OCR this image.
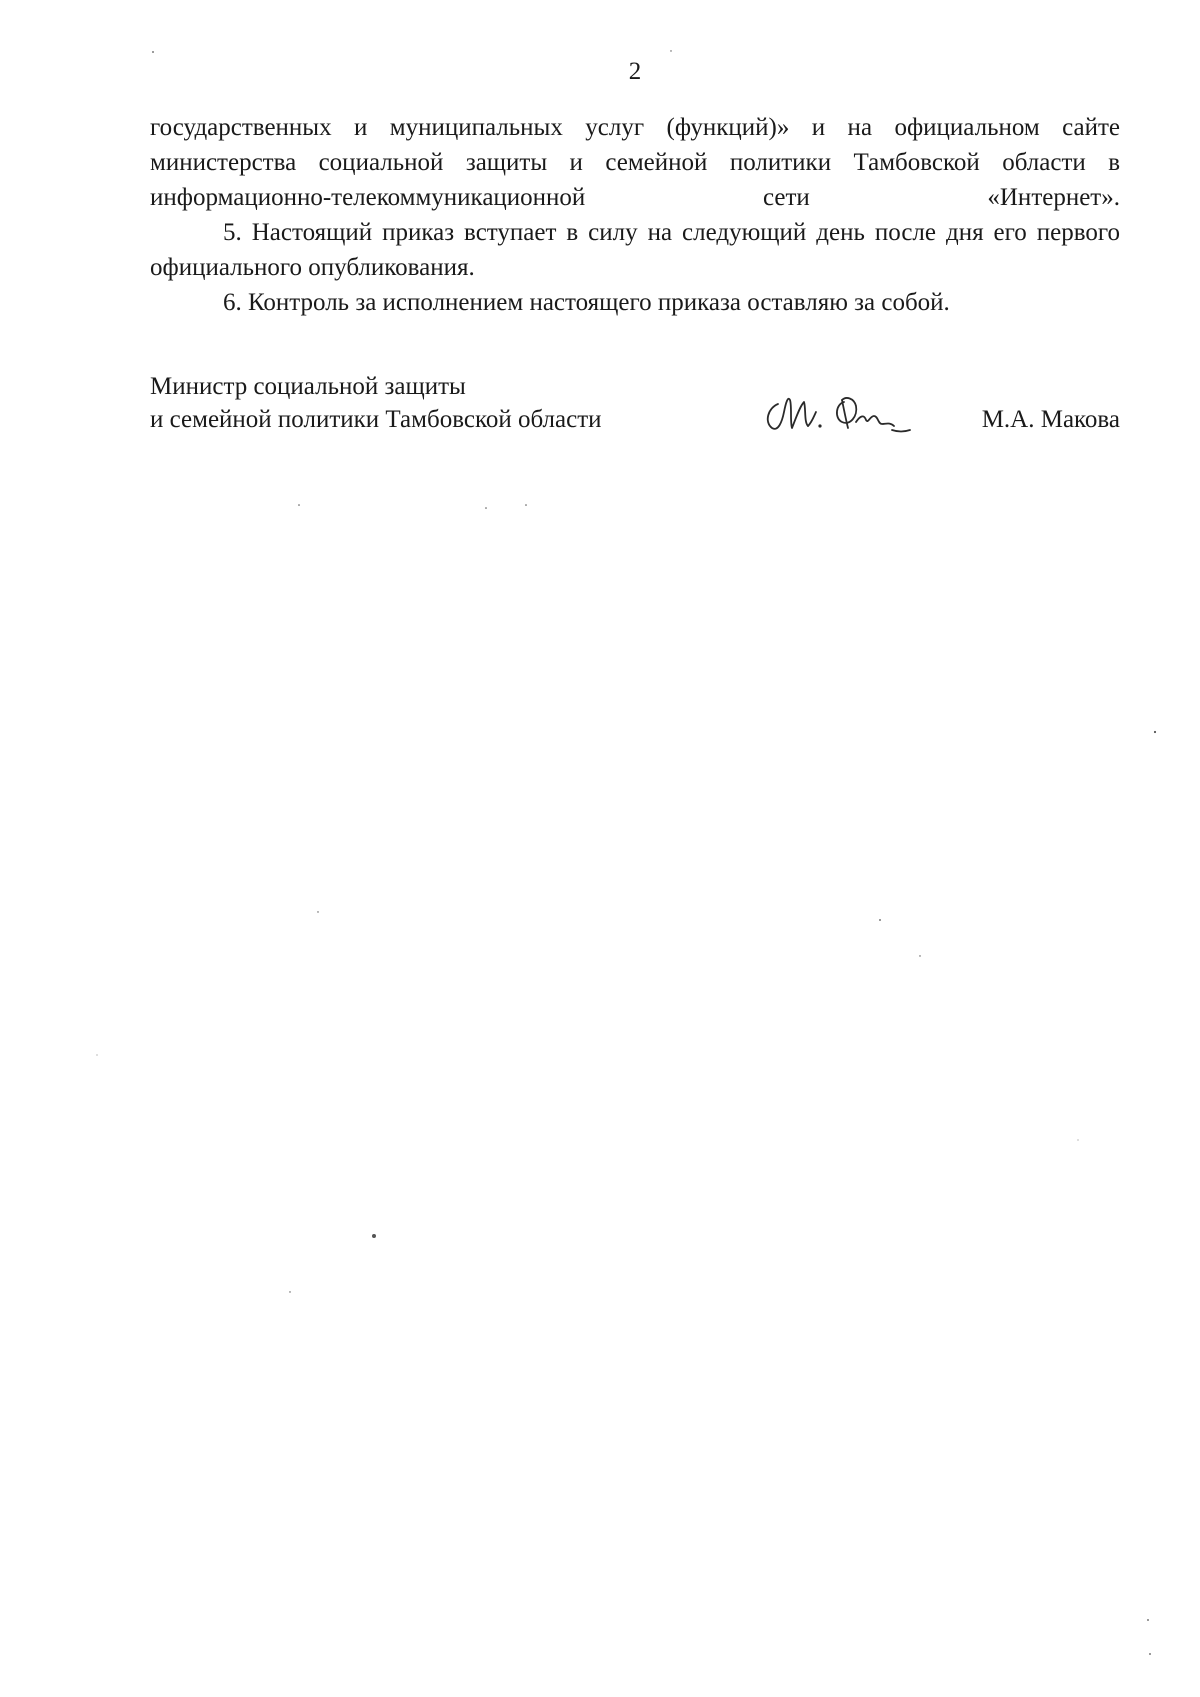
2

государственных и муниципальных услуг (функций)» и на официальном сайте министерства социальной защиты и семейной политики Тамбовской области в информационно-телекоммуникационной сети «Интернет».

5. Настоящий приказ вступает в силу на следующий день после дня его первого официального опубликования.

6. Контроль за исполнением настоящего приказа оставляю за собой.

Министр социальной защиты
и семейной политики Тамбовской области	М.А. Макова
